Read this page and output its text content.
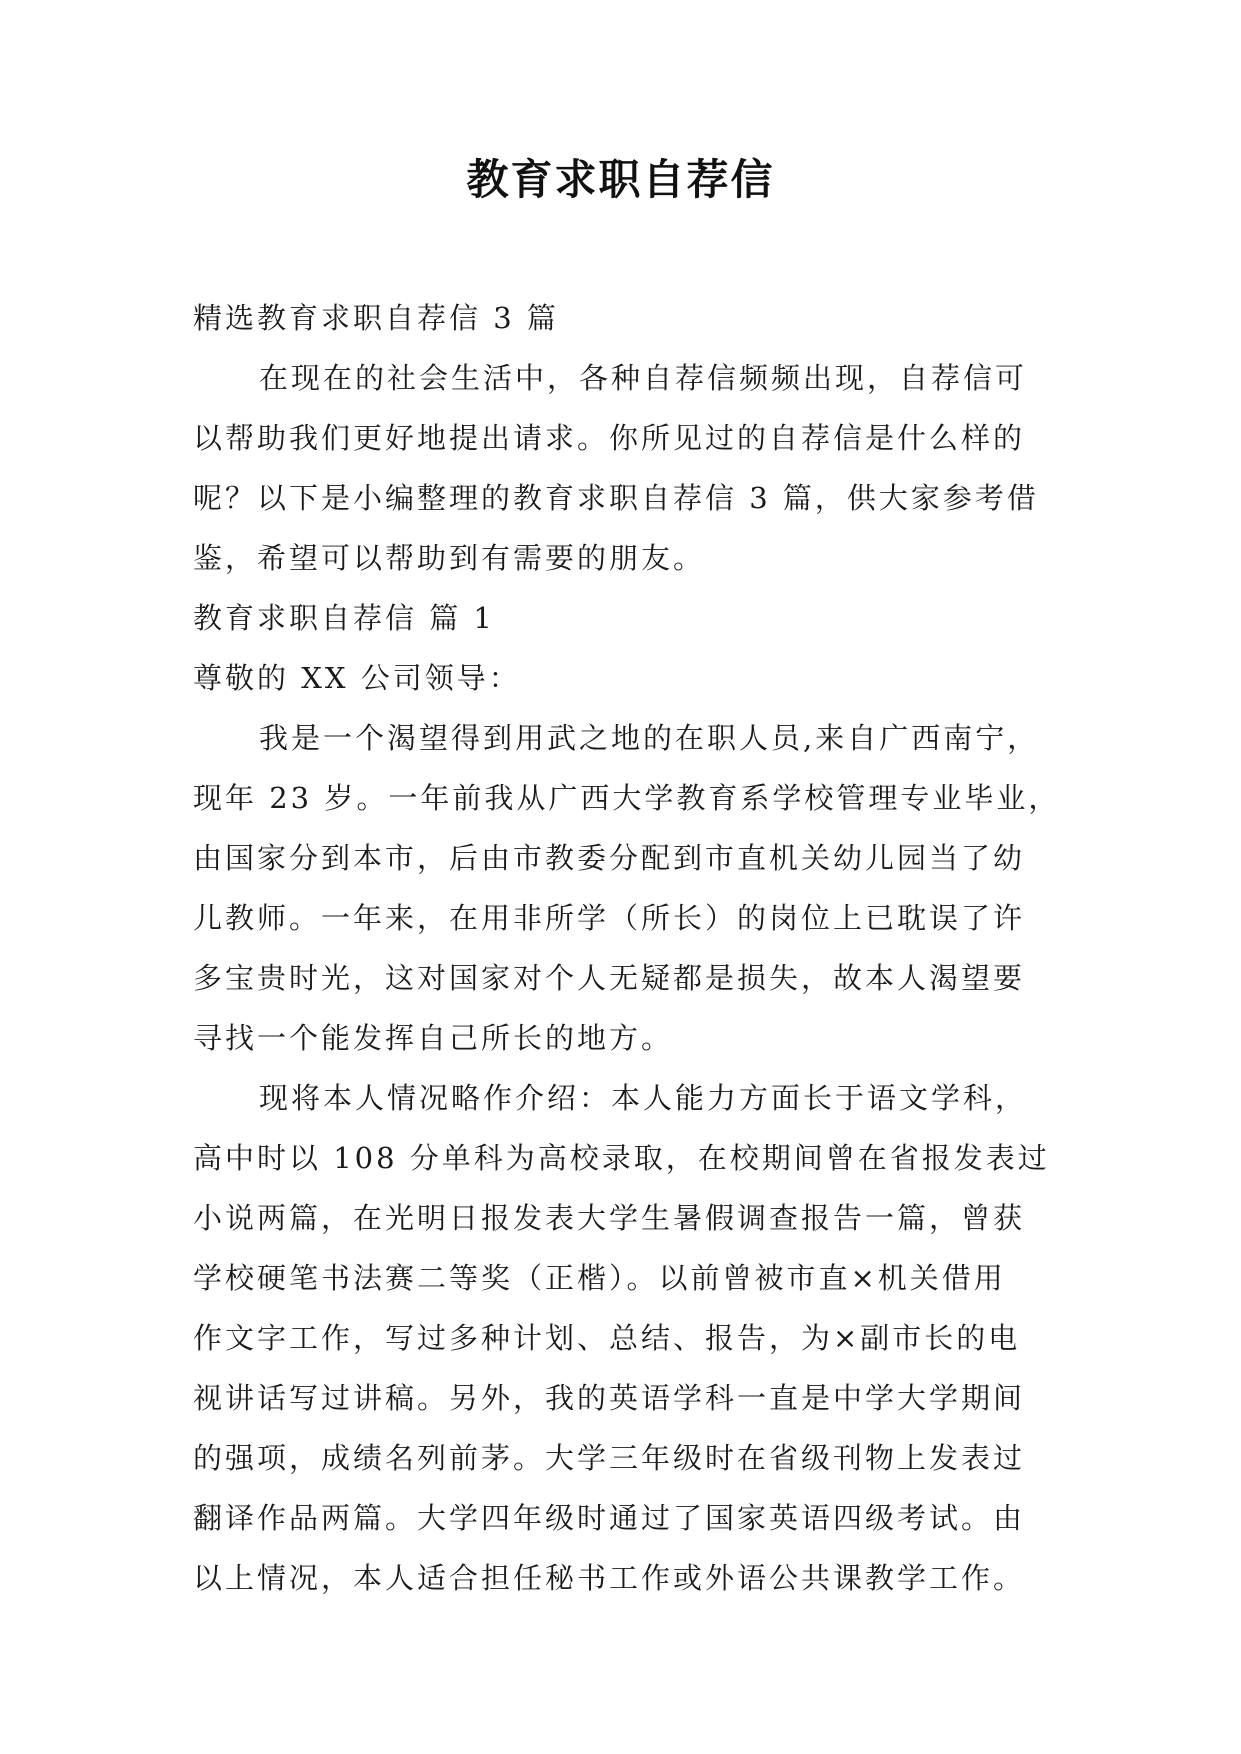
教育求职自荐信
精选教育求职自荐信 3 篇
在现在的社会生活中，各种自荐信频频出现，自荐信可
以帮助我们更好地提出请求。你所见过的自荐信是什么样的
呢？以下是小编整理的教育求职自荐信 3 篇，供大家参考借
鉴，希望可以帮助到有需要的朋友。
教育求职自荐信 篇 1
尊敬的 XX 公司领导：
我是一个渴望得到用武之地的在职人员,来自广西南宁，
现年 23 岁。一年前我从广西大学教育系学校管理专业毕业，
由国家分到本市，后由市教委分配到市直机关幼儿园当了幼
儿教师。一年来，在用非所学（所长）的岗位上已耽误了许
多宝贵时光，这对国家对个人无疑都是损失，故本人渴望要
寻找一个能发挥自己所长的地方。
现将本人情况略作介绍：本人能力方面长于语文学科，
高中时以 108 分单科为高校录取，在校期间曾在省报发表过
小说两篇，在光明日报发表大学生暑假调查报告一篇，曾获
学校硬笔书法赛二等奖（正楷）。以前曾被市直×机关借用
作文字工作，写过多种计划、总结、报告，为×副市长的电
视讲话写过讲稿。另外，我的英语学科一直是中学大学期间
的强项，成绩名列前茅。大学三年级时在省级刊物上发表过
翻译作品两篇。大学四年级时通过了国家英语四级考试。由
以上情况，本人适合担任秘书工作或外语公共课教学工作。
